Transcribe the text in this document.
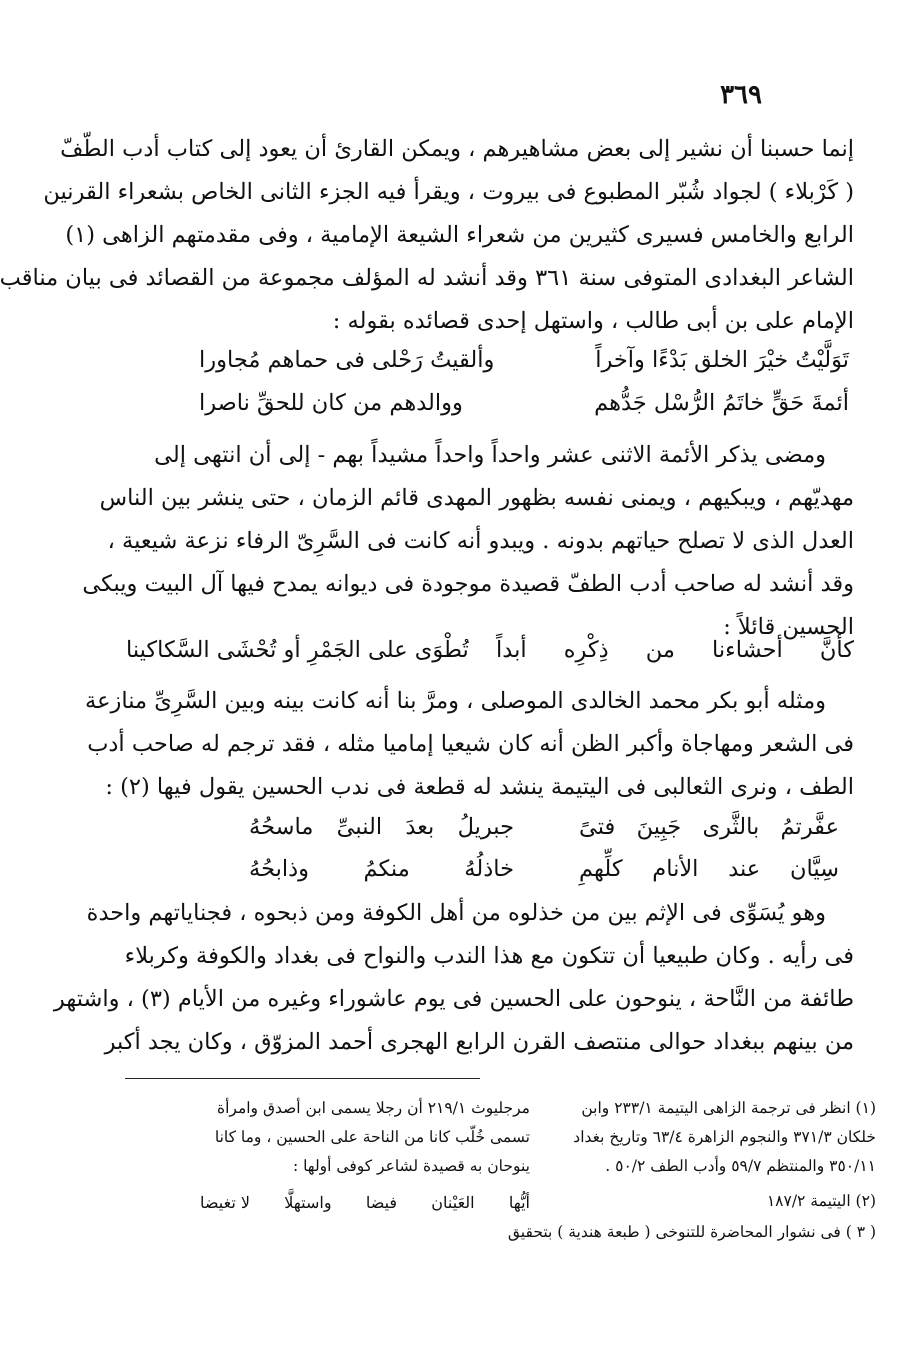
٣٦٩
إنما حسبنا أن نشير إلى بعض مشاهيرهم ، ويمكن القارئ أن يعود إلى كتاب أدب الطّفّ
( كَرْبلاء ) لجواد شُبّر المطبوع فى بيروت ، ويقرأ فيه الجزء الثانى الخاص بشعراء القرنين
الرابع والخامس فسيرى كثيرين من شعراء الشيعة الإمامية ، وفى مقدمتهم الزاهى (١)
الشاعر البغدادى المتوفى سنة ٣٦١ وقد أنشد له المؤلف مجموعة من القصائد فى بيان مناقب
الإمام على بن أبى طالب ، واستهل إحدى قصائده بقوله :
تَوَلَّيْتُ خيْرَ الخلق بَدْءًا وآخراً
وألقيتُ رَحْلى فى حماهم مُجاورا
أئمةَ حَقٍّ خاتَمُ الرُّسْل جَدُّهم
ووالدهم من كان للحقِّ ناصرا
ومضى يذكر الأئمة الاثنى عشر واحداً واحداً مشيداً بهم - إلى أن انتهى إلى
مهديّهم ، ويبكيهم ، ويمنى نفسه بظهور المهدى قائم الزمان ، حتى ينشر بين الناس
العدل الذى لا تصلح حياتهم بدونه . ويبدو أنه كانت فى السَّرِىّ الرفاء نزعة شيعية ،
وقد أنشد له صاحب أدب الطفّ قصيدة موجودة فى ديوانه يمدح فيها آل البيت ويبكى
الحسين قائلاً :
كأنَّ
أحشاءنا
من
ذِكْرِه
أبداً
تُطْوَى على الجَمْرِ أو تُحْشَى السَّكاكينا
ومثله أبو بكر محمد الخالدى الموصلى ، ومرَّ بنا أنه كانت بينه وبين السَّرِىِّ منازعة
فى الشعر ومهاجاة وأكبر الظن أنه كان شيعيا إماميا مثله ، فقد ترجم له صاحب أدب
الطف ، ونرى الثعالبى فى اليتيمة ينشد له قطعة فى ندب الحسين يقول فيها (٢) :
عفَّرتمُ
بالثَّرى
جَبِينَ
فتىً
جبريلُ
بعدَ
النبىِّ
ماسحُهُ
سِيَّان
عند
الأنام
كلِّهمِ
خاذلُهُ
منكمُ
وذابحُهُ
وهو يُسَوِّى فى الإثم بين من خذلوه من أهل الكوفة ومن ذبحوه ، فجناياتهم واحدة
فى رأيه . وكان طبيعيا أن تتكون مع هذا الندب والنواح فى بغداد والكوفة وكربلاء
طائفة من النَّاحة ، ينوحون على الحسين فى يوم عاشوراء وغيره من الأيام (٣) ، واشتهر
من بينهم ببغداد حوالى منتصف القرن الرابع الهجرى أحمد المزوّق ، وكان يجد أكبر
(١) انظر فى ترجمة الزاهى اليتيمة ٢٣٣/١ وابن
خلكان ٣٧١/٣ والنجوم الزاهرة ٦٣/٤ وتاريخ بغداد
٣٥٠/١١ والمنتظم ٥٩/٧ وأدب الطف ٥٠/٢ .
(٢) اليتيمة ١٨٧/٢
( ٣ ) فى نشوار المحاضرة للتنوخى ( طبعة هندية ) بتحقيق
مرجليوث ٢١٩/١ أن رجلا يسمى ابن أصدق وامرأة
تسمى خُلّب كانا من الناحة على الحسين ، وما كانا
ينوحان به قصيدة لشاعر كوفى أولها :
أيُّها
العَيْنان
فيضا
واستهلَّا
لا تغيضا
